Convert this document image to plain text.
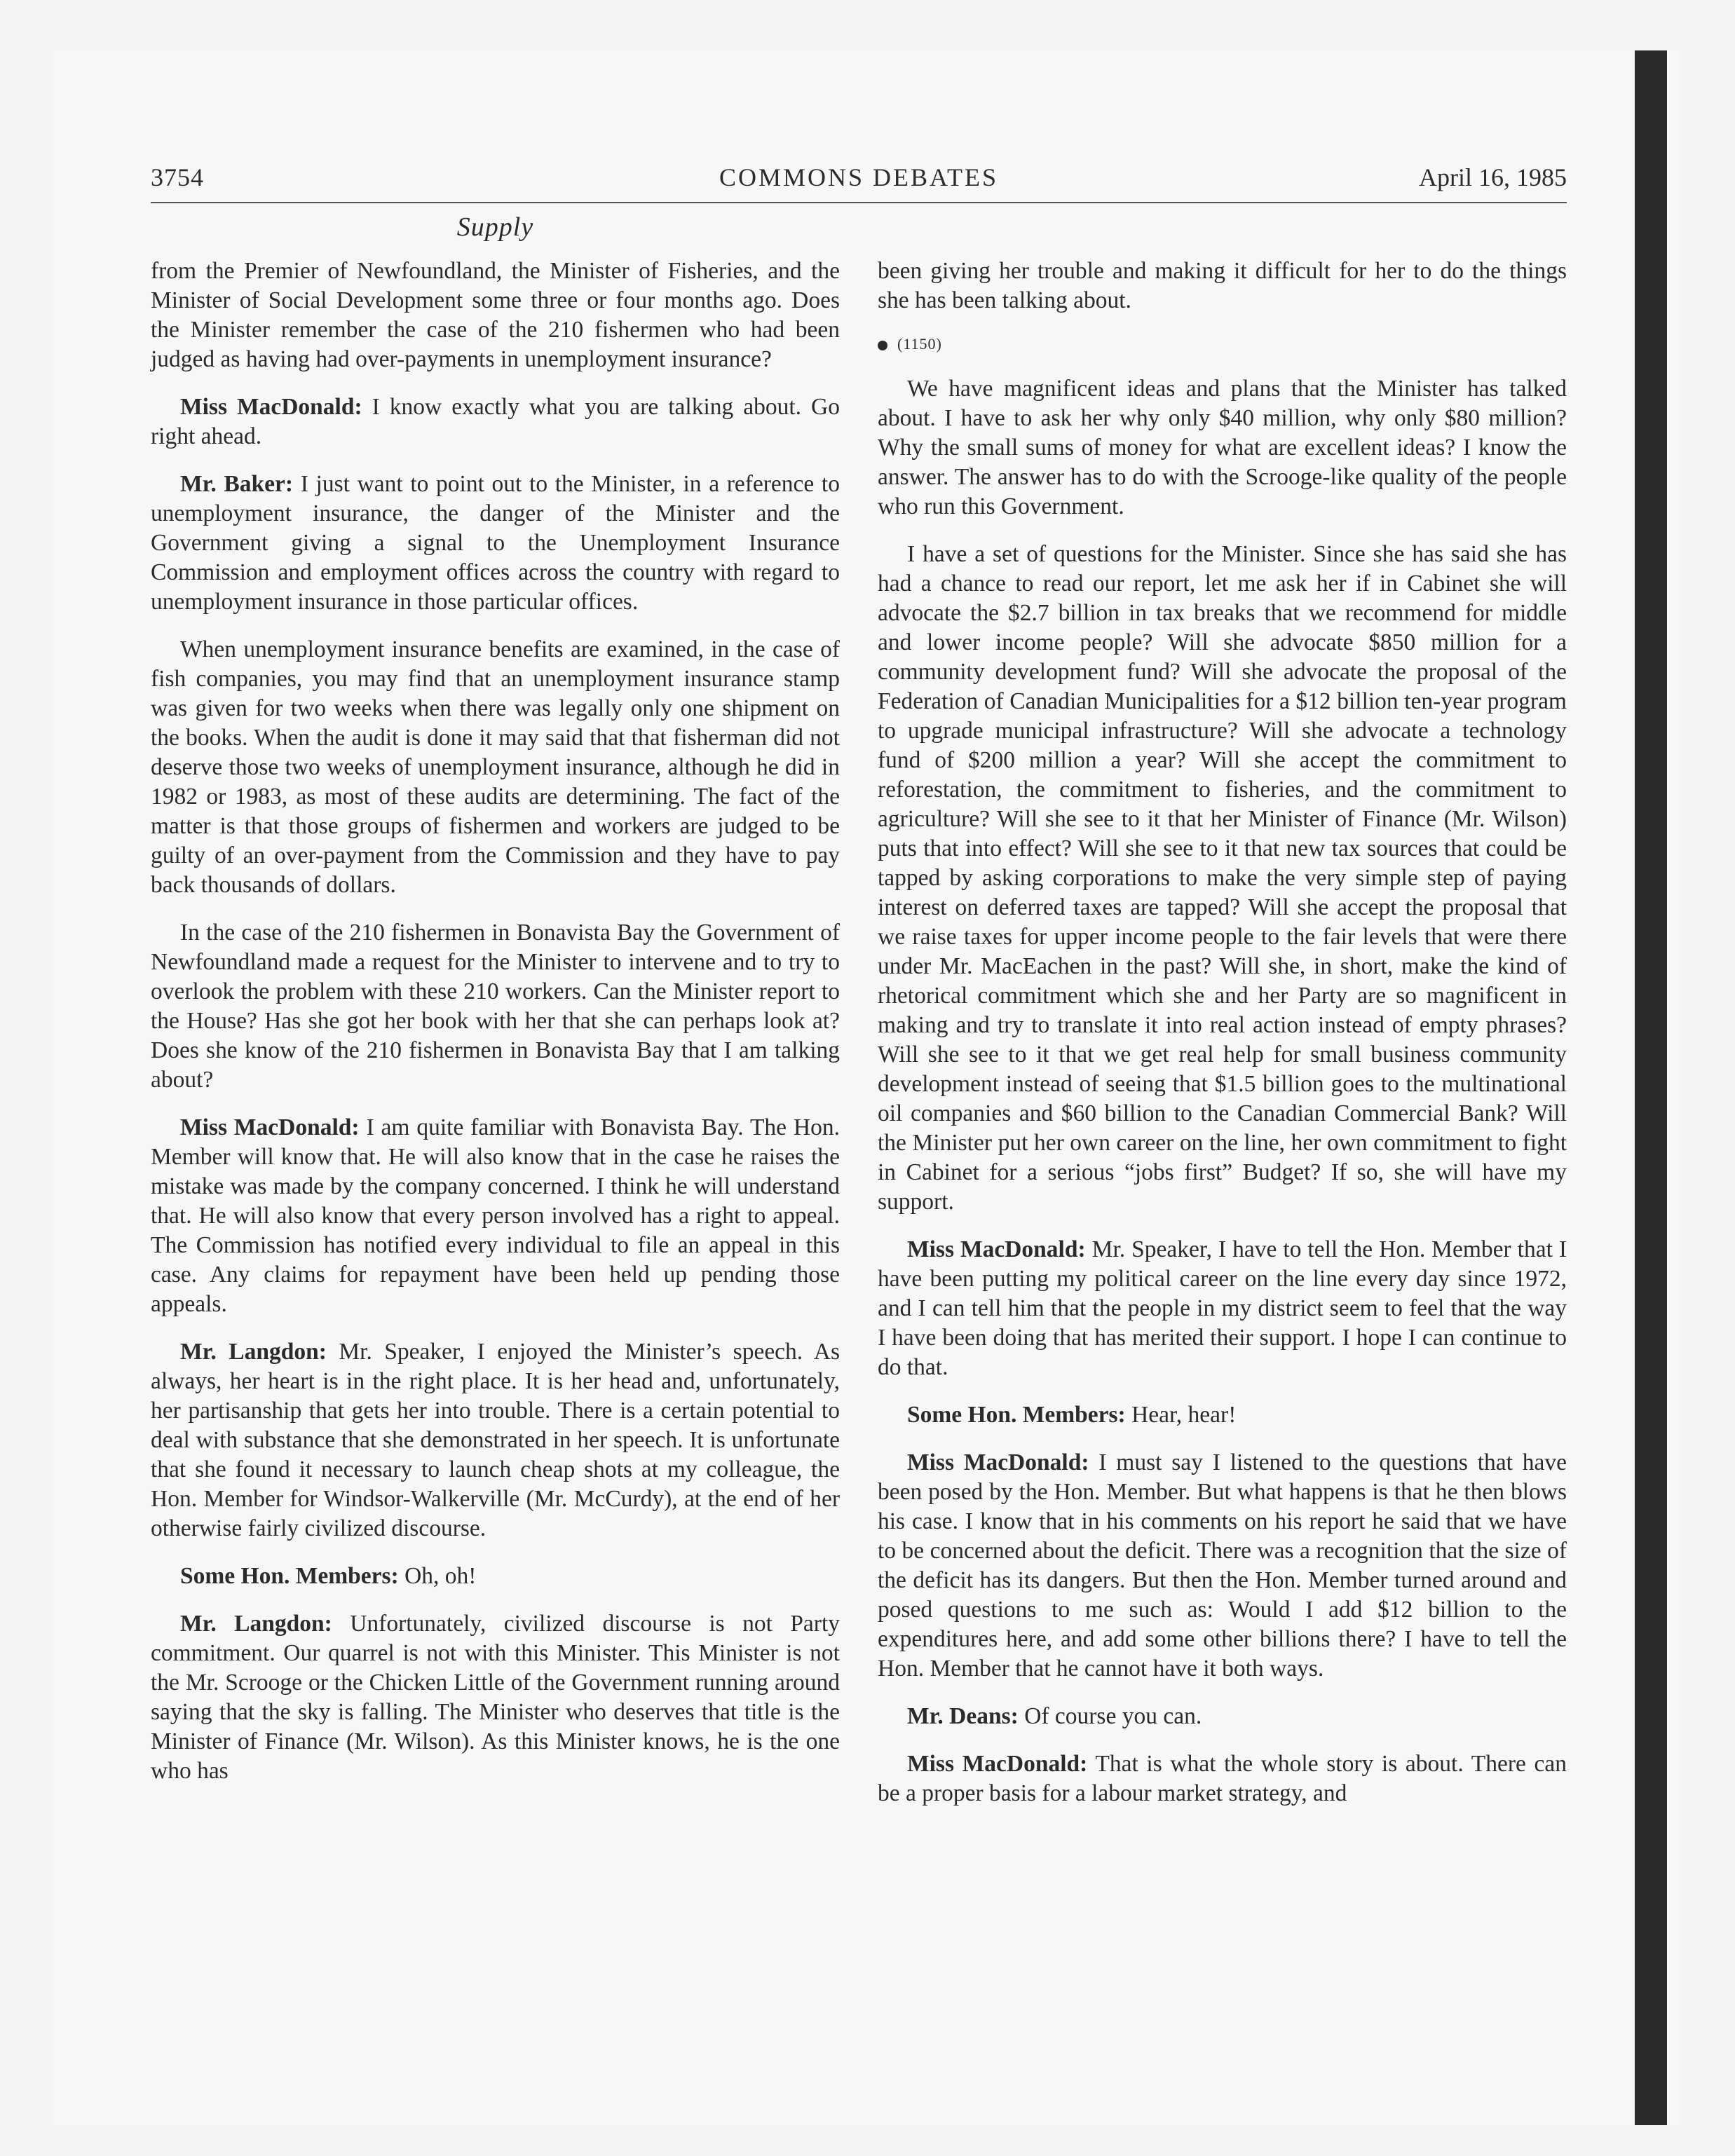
3754	COMMONS DEBATES	April 16, 1985
Supply

from the Premier of Newfoundland, the Minister of Fisheries, and the Minister of Social Development some three or four months ago. Does the Minister remember the case of the 210 fishermen who had been judged as having had over-payments in unemployment insurance?

Miss MacDonald: I know exactly what you are talking about. Go right ahead.

Mr. Baker: I just want to point out to the Minister, in a reference to unemployment insurance, the danger of the Minister and the Government giving a signal to the Unemployment Insurance Commission and employment offices across the country with regard to unemployment insurance in those particular offices.

When unemployment insurance benefits are examined, in the case of fish companies, you may find that an unemployment insurance stamp was given for two weeks when there was legally only one shipment on the books. When the audit is done it may said that that fisherman did not deserve those two weeks of unemployment insurance, although he did in 1982 or 1983, as most of these audits are determining. The fact of the matter is that those groups of fishermen and workers are judged to be guilty of an over-payment from the Commission and they have to pay back thousands of dollars.

In the case of the 210 fishermen in Bonavista Bay the Government of Newfoundland made a request for the Minister to intervene and to try to overlook the problem with these 210 workers. Can the Minister report to the House? Has she got her book with her that she can perhaps look at? Does she know of the 210 fishermen in Bonavista Bay that I am talking about?

Miss MacDonald: I am quite familiar with Bonavista Bay. The Hon. Member will know that. He will also know that in the case he raises the mistake was made by the company concerned. I think he will understand that. He will also know that every person involved has a right to appeal. The Commission has notified every individual to file an appeal in this case. Any claims for repayment have been held up pending those appeals.

Mr. Langdon: Mr. Speaker, I enjoyed the Minister’s speech. As always, her heart is in the right place. It is her head and, unfortunately, her partisanship that gets her into trouble. There is a certain potential to deal with substance that she demonstrated in her speech. It is unfortunate that she found it necessary to launch cheap shots at my colleague, the Hon. Member for Windsor-Walkerville (Mr. McCurdy), at the end of her otherwise fairly civilized discourse.

Some Hon. Members: Oh, oh!

Mr. Langdon: Unfortunately, civilized discourse is not Party commitment. Our quarrel is not with this Minister. This Minister is not the Mr. Scrooge or the Chicken Little of the Government running around saying that the sky is falling. The Minister who deserves that title is the Minister of Finance (Mr. Wilson). As this Minister knows, he is the one who has

been giving her trouble and making it difficult for her to do the things she has been talking about.

(1150)

We have magnificent ideas and plans that the Minister has talked about. I have to ask her why only $40 million, why only $80 million? Why the small sums of money for what are excellent ideas? I know the answer. The answer has to do with the Scrooge-like quality of the people who run this Government.

I have a set of questions for the Minister. Since she has said she has had a chance to read our report, let me ask her if in Cabinet she will advocate the $2.7 billion in tax breaks that we recommend for middle and lower income people? Will she advocate $850 million for a community development fund? Will she advocate the proposal of the Federation of Canadian Municipalities for a $12 billion ten-year program to upgrade municipal infrastructure? Will she advocate a technology fund of $200 million a year? Will she accept the commitment to reforestation, the commitment to fisheries, and the commitment to agriculture? Will she see to it that her Minister of Finance (Mr. Wilson) puts that into effect? Will she see to it that new tax sources that could be tapped by asking corporations to make the very simple step of paying interest on deferred taxes are tapped? Will she accept the proposal that we raise taxes for upper income people to the fair levels that were there under Mr. MacEachen in the past? Will she, in short, make the kind of rhetorical commitment which she and her Party are so magnificent in making and try to translate it into real action instead of empty phrases? Will she see to it that we get real help for small business community development instead of seeing that $1.5 billion goes to the multinational oil companies and $60 billion to the Canadian Commercial Bank? Will the Minister put her own career on the line, her own commitment to fight in Cabinet for a serious “jobs first” Budget? If so, she will have my support.

Miss MacDonald: Mr. Speaker, I have to tell the Hon. Member that I have been putting my political career on the line every day since 1972, and I can tell him that the people in my district seem to feel that the way I have been doing that has merited their support. I hope I can continue to do that.

Some Hon. Members: Hear, hear!

Miss MacDonald: I must say I listened to the questions that have been posed by the Hon. Member. But what happens is that he then blows his case. I know that in his comments on his report he said that we have to be concerned about the deficit. There was a recognition that the size of the deficit has its dangers. But then the Hon. Member turned around and posed questions to me such as: Would I add $12 billion to the expenditures here, and add some other billions there? I have to tell the Hon. Member that he cannot have it both ways.

Mr. Deans: Of course you can.

Miss MacDonald: That is what the whole story is about. There can be a proper basis for a labour market strategy, and
